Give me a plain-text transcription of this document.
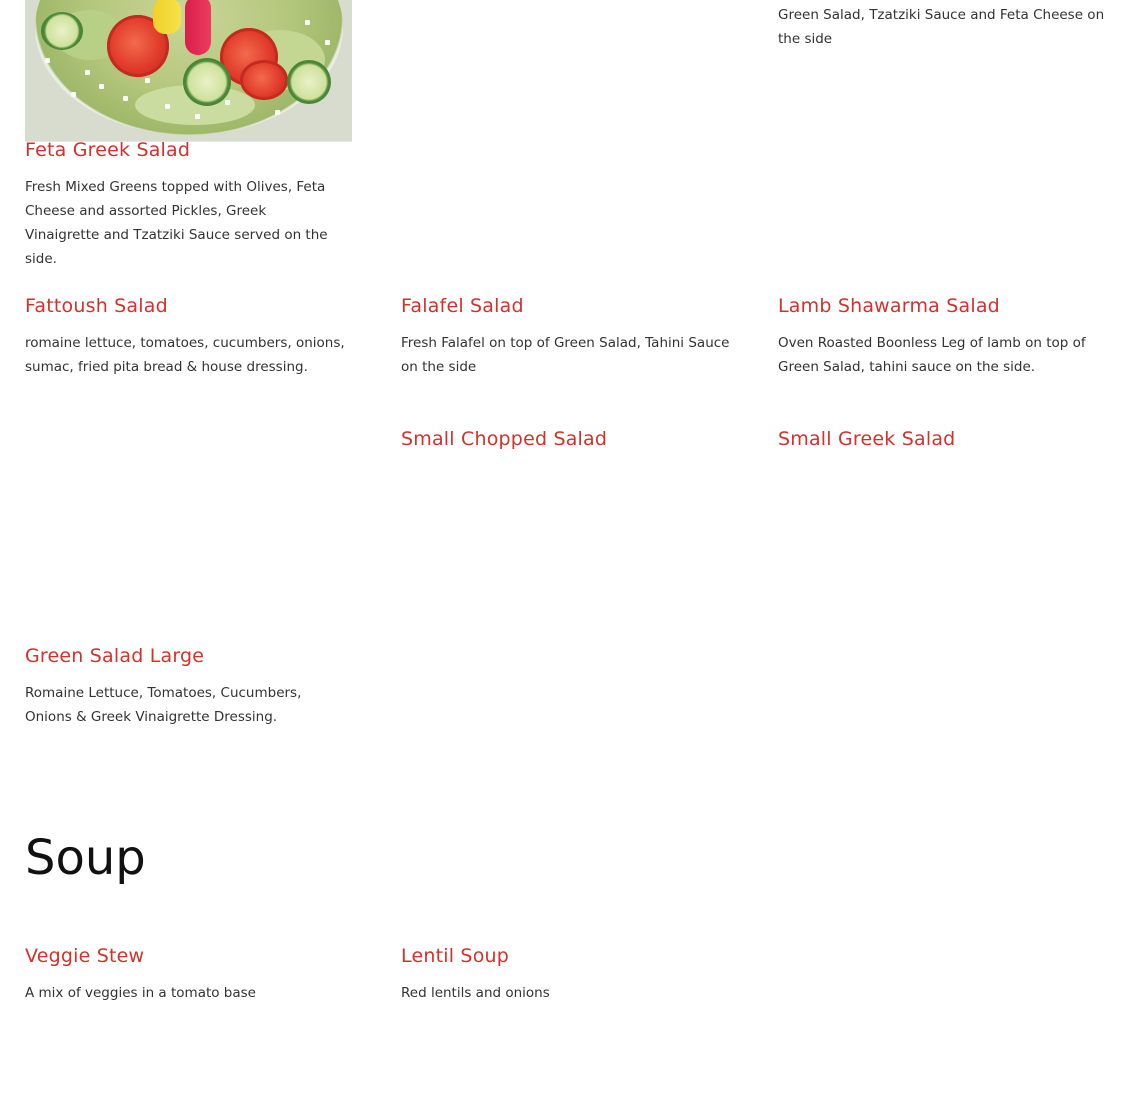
Green Salad, Tzatziki Sauce and Feta Cheese on the side
Feta Greek Salad
Fresh Mixed Greens topped with Olives, Feta Cheese and assorted Pickles, Greek Vinaigrette and Tzatziki Sauce served on the side.
Fattoush Salad
romaine lettuce, tomatoes, cucumbers, onions, sumac, fried pita bread & house dressing.
Falafel Salad
Fresh Falafel on top of Green Salad, Tahini Sauce on the side
Lamb Shawarma Salad
Oven Roasted Boonless Leg of lamb on top of Green Salad, tahini sauce on the side.
Small Chopped Salad	Small Greek Salad
Green Salad Large
Romaine Lettuce, Tomatoes, Cucumbers, Onions & Greek Vinaigrette Dressing.
Soup
Veggie Stew
A mix of veggies in a tomato base
Lentil Soup
Red lentils and onions
